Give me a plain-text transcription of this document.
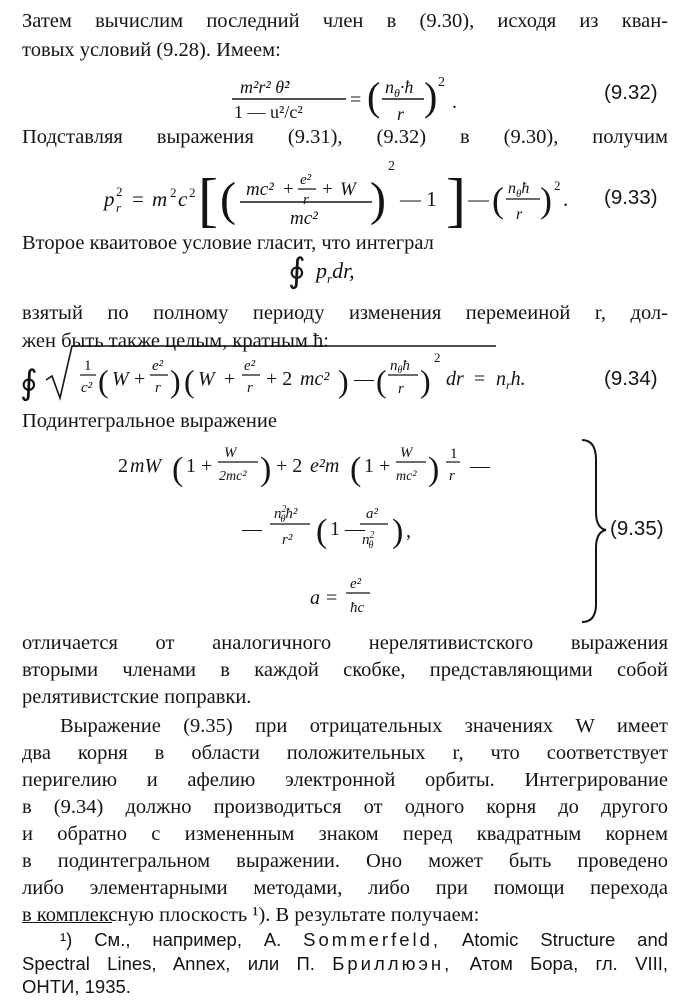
Затем вычислим последний член в (9.30), исходя из кван-
товых условий (9.28). Имеем:
Подставляя выражения (9.31), (9.32) в (9.30), получим
Второе кваитовое условие гласит, что интеграл
взятый по полному периоду изменения перемеиной r, дол-
жен быть также целым, кратным ħ:
Подинтегральное выражение
отличается от аналогичного нерелятивистского выражения
вторыми членами в каждой скобке, представляющими собой
релятивистские поправки.
Выражение (9.35) при отрицательных значениях W имеет
два корня в области положительных r, что соответствует
перигелию и афелию электронной орбиты. Интегрирование
в (9.34) должно производиться от одного корня до другого
и обратно с измененным знаком перед квадратным корнем
в подинтегральном выражении. Оно может быть проведено
либо элементарными методами, либо при помощи перехода
в комплексную плоскость ¹). В результате получаем:
m²r² θ̇²
1 — u²/c²
= ( $n_\theta\cdot ħ$
r ) 2
.
p 2
r = m 2 c 2 [ ( mc² + e²
r + W
mc² )
2
— 1 ] — ( $n_\theta ħ$
r ) 2
.
∮ $p_rdr$,
∮	1
c² ( W +
e²
r ) ( W +
e²
r + 2 mc² ) — ( $n_\theta ħ$
r )
2
dr = $n_rh$.
2 mW ( 1 +
W
2mc² ) + 2 e²m ( 1 +
W
mc² ) 1
r —
—
$n^2$ θħ²
r² ( 1 —
a²
$n^2$ θ ) ,
a =
e²
ħc
(9.32)
(9.33)
(9.34)
(9.35)
¹) См., например, А. Sommerfeld, Atomic Structure and
Spectral Lines, Annex, или П. Бриллюэн, Атом Бора, гл. VIII,
ОНТИ, 1935.
